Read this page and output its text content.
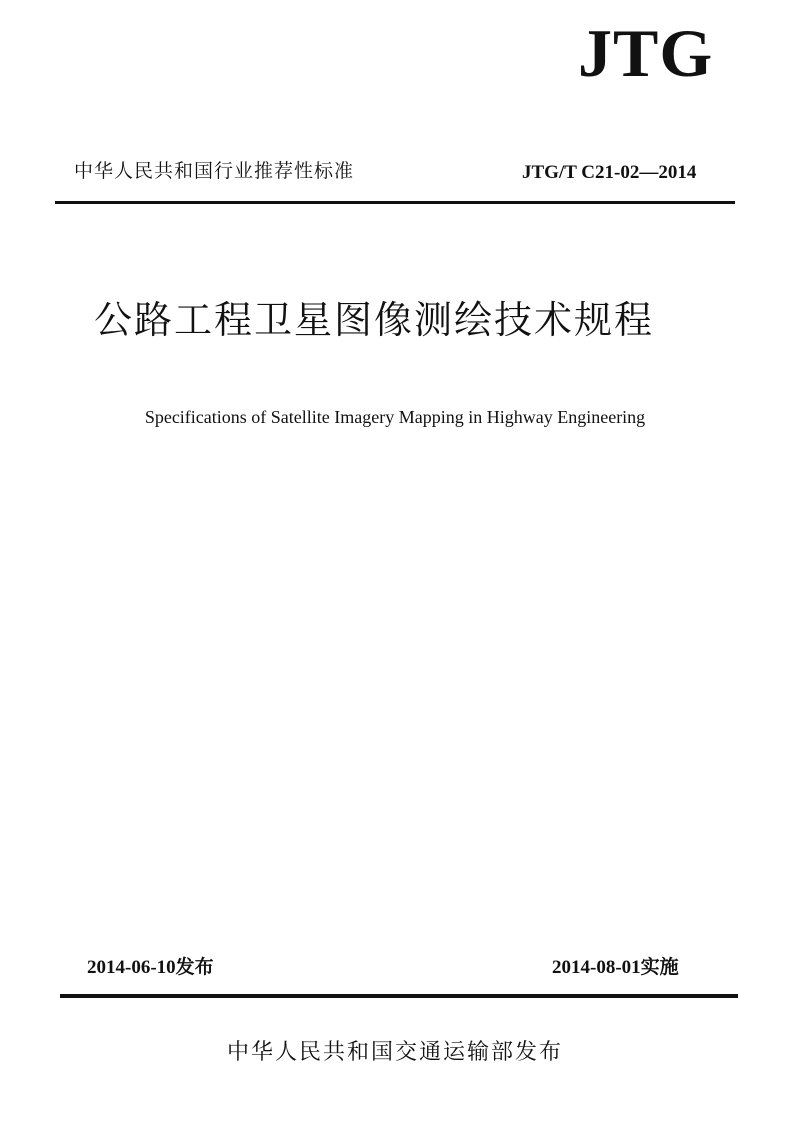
JTG
中华人民共和国行业推荐性标准	JTG/T C21-02—2014
公路工程卫星图像测绘技术规程
Specifications of Satellite Imagery Mapping in Highway Engineering
2014-06-10发布	2014-08-01实施
中华人民共和国交通运输部发布
